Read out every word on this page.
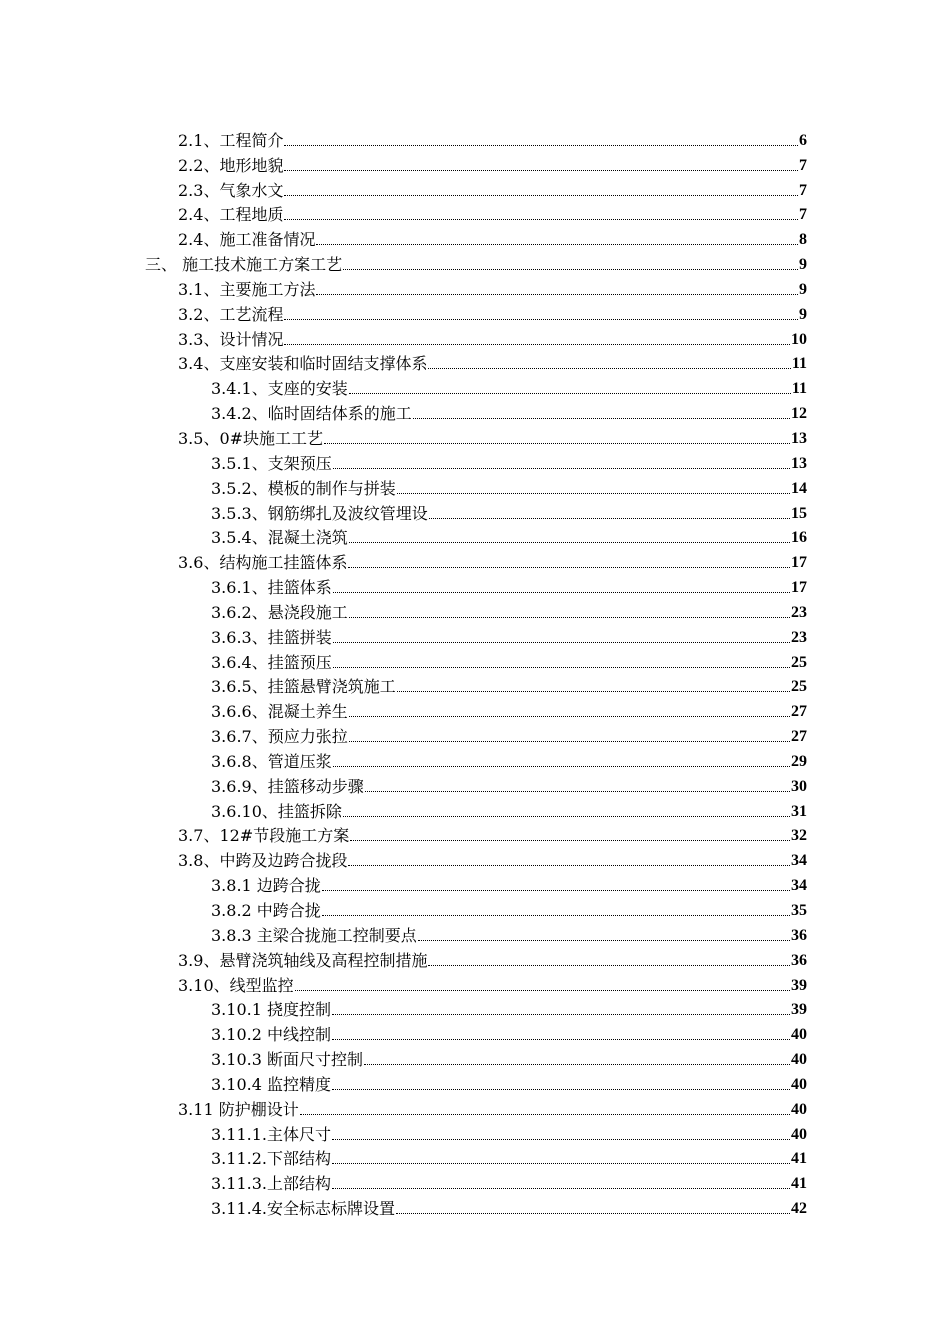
2.1、工程简介	6
2.2、地形地貌	7
2.3、气象水文	7
2.4、工程地质	7
2.4、施工准备情况	8
三、 施工技术施工方案工艺	9
3.1、主要施工方法	9
3.2、工艺流程	9
3.3、设计情况	10
3.4、支座安装和临时固结支撑体系	11
3.4.1、支座的安装	11
3.4.2、临时固结体系的施工	12
3.5、0#块施工工艺	13
3.5.1、支架预压	13
3.5.2、模板的制作与拼装	14
3.5.3、钢筋绑扎及波纹管埋设	15
3.5.4、混凝土浇筑	16
3.6、结构施工挂篮体系	17
3.6.1、挂篮体系	17
3.6.2、悬浇段施工	23
3.6.3、挂篮拼装	23
3.6.4、挂篮预压	25
3.6.5、挂篮悬臂浇筑施工	25
3.6.6、混凝土养生	27
3.6.7、预应力张拉	27
3.6.8、管道压浆	29
3.6.9、挂篮移动步骤	30
3.6.10、挂篮拆除	31
3.7、12#节段施工方案	32
3.8、中跨及边跨合拢段	34
3.8.1 边跨合拢	34
3.8.2 中跨合拢	35
3.8.3 主梁合拢施工控制要点	36
3.9、悬臂浇筑轴线及高程控制措施	36
3.10、线型监控	39
3.10.1 挠度控制	39
3.10.2 中线控制	40
3.10.3 断面尺寸控制	40
3.10.4 监控精度	40
3.11 防护棚设计	40
3.11.1.主体尺寸	40
3.11.2.下部结构	41
3.11.3.上部结构	41
3.11.4.安全标志标牌设置	42
